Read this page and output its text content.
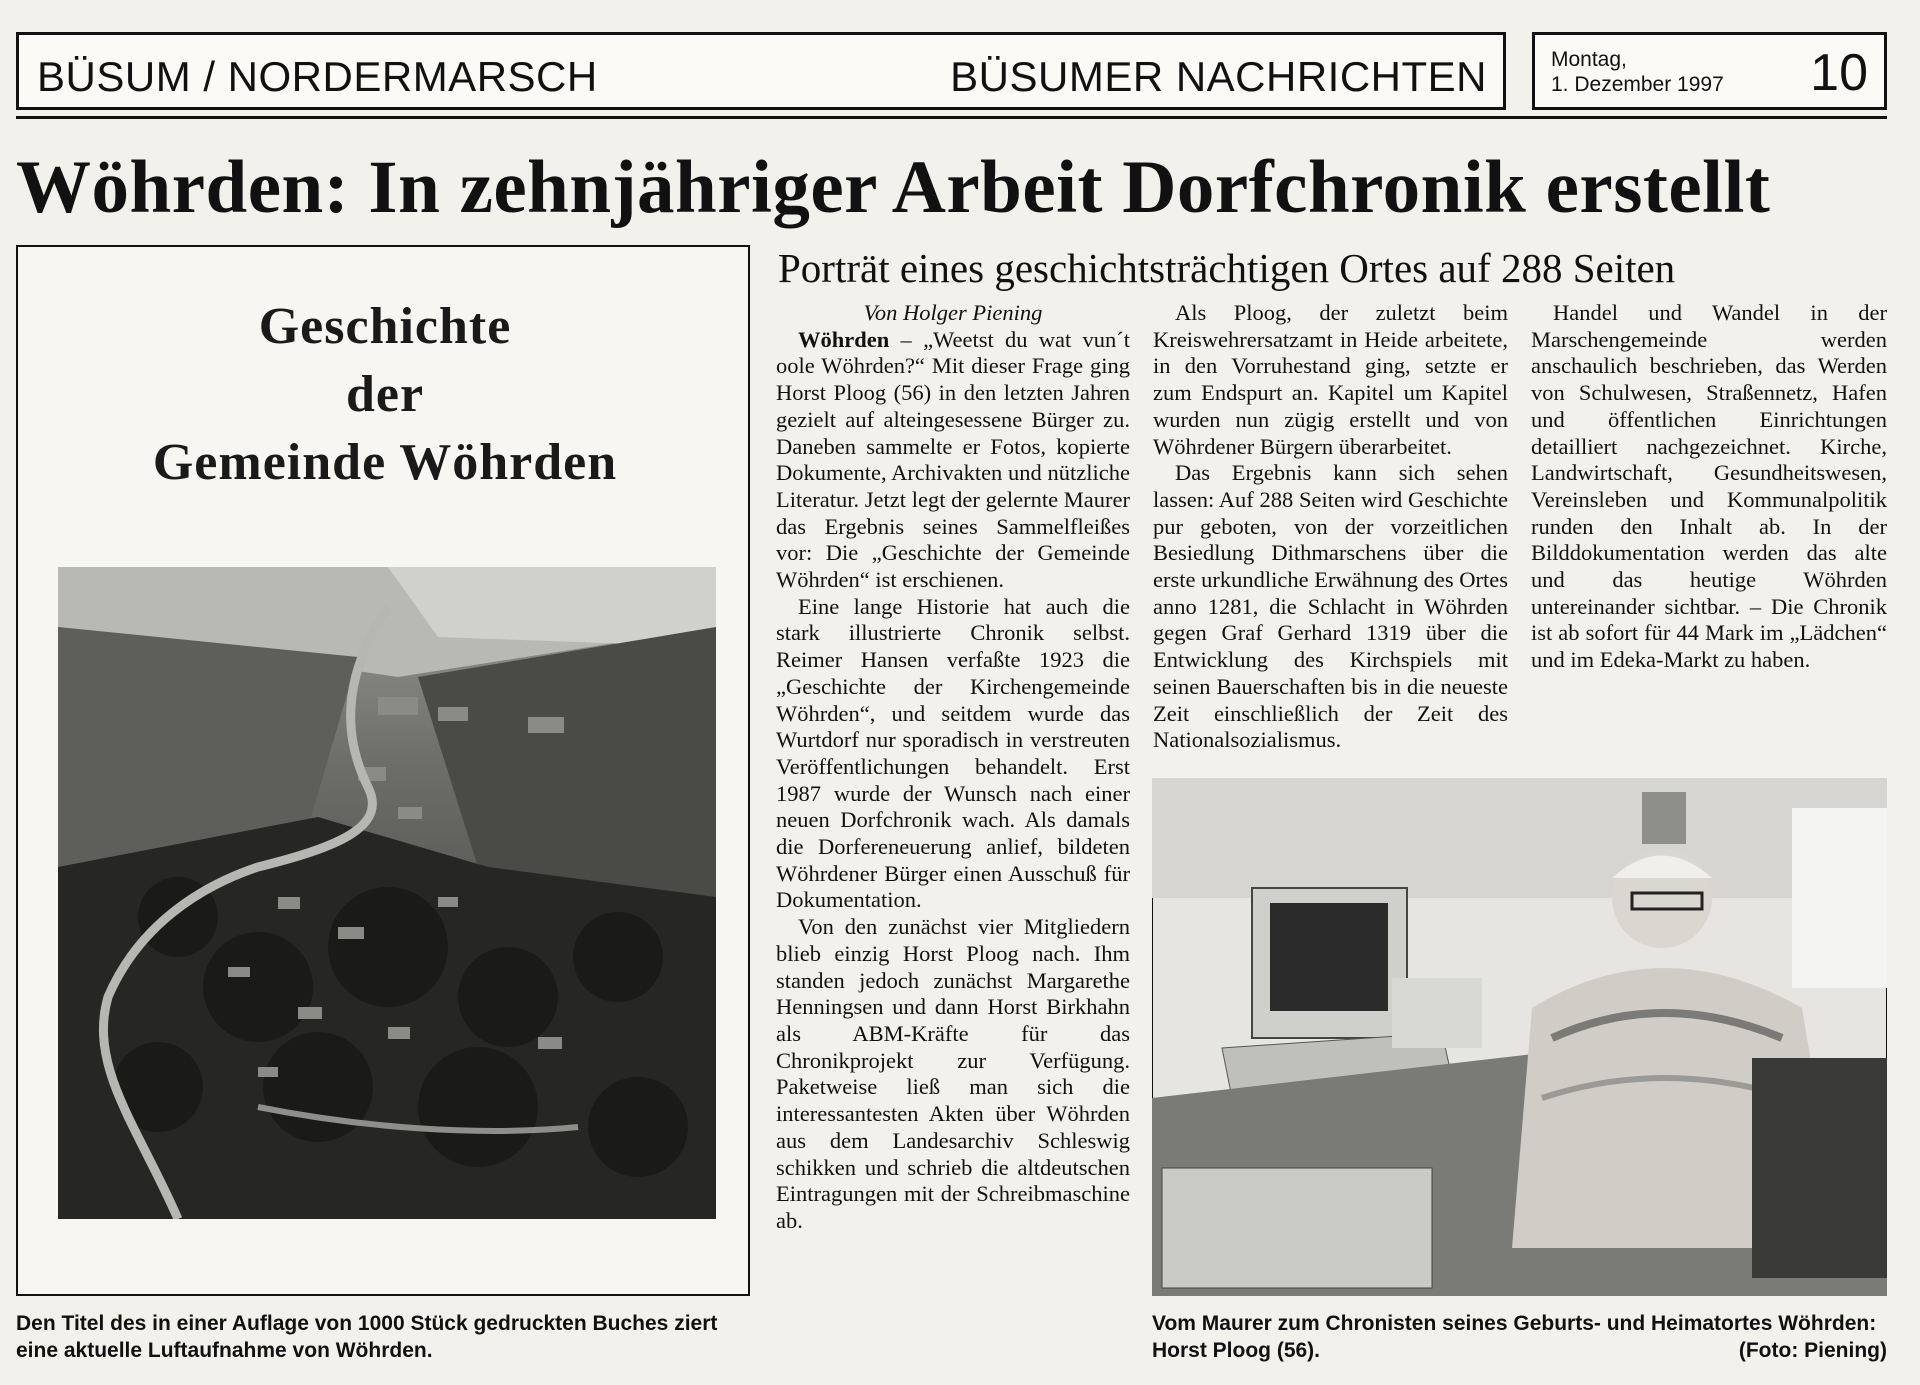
BÜSUM / NORDERMARSCH	BÜSUMER NACHRICHTEN	Montag,
1. Dezember 1997 10
Wöhrden: In zehnjähriger Arbeit Dorfchronik erstellt
Porträt eines geschichtsträchtigen Ortes auf 288 Seiten
Geschichte
der
Gemeinde Wöhrden
Den Titel des in einer Auflage von 1000 Stück gedruckten Buches ziert eine aktuelle Luftaufnahme von Wöhrden.
Vom Maurer zum Chronisten seines Geburts- und Heimatortes Wöhrden: Horst Ploog (56).	(Foto: Piening)

Von Holger Piening

Wöhrden – „Weetst du wat vun´t oole Wöhrden?“ Mit dieser Frage ging Horst Ploog (56) in den letzten Jahren gezielt auf alteingesessene Bürger zu. Daneben sammelte er Fotos, kopierte Dokumente, Archivakten und nützliche Literatur. Jetzt legt der gelernte Maurer das Ergebnis seines Sammelfleißes vor: Die „Geschichte der Gemeinde Wöhrden“ ist erschienen.

Eine lange Historie hat auch die stark illustrierte Chronik selbst. Reimer Hansen verfaßte 1923 die „Geschichte der Kirchengemeinde Wöhrden“, und seitdem wurde das Wurtdorf nur sporadisch in verstreuten Veröffentlichungen behandelt. Erst 1987 wurde der Wunsch nach einer neuen Dorfchronik wach. Als damals die Dorfereneuerung anlief, bildeten Wöhrdener Bürger einen Ausschuß für Dokumentation.

Von den zunächst vier Mitgliedern blieb einzig Horst Ploog nach. Ihm standen jedoch zunächst Margarethe Henningsen und dann Horst Birkhahn als ABM-Kräfte für das Chronikprojekt zur Verfügung. Paketweise ließ man sich die interessantesten Akten über Wöhrden aus dem Landesarchiv Schleswig schikken und schrieb die altdeutschen Eintragungen mit der Schreibmaschine ab.

Als Ploog, der zuletzt beim Kreiswehrersatzamt in Heide arbeitete, in den Vorruhestand ging, setzte er zum Endspurt an. Kapitel um Kapitel wurden nun zügig erstellt und von Wöhrdener Bürgern überarbeitet.

Das Ergebnis kann sich sehen lassen: Auf 288 Seiten wird Geschichte pur geboten, von der vorzeitlichen Besiedlung Dithmarschens über die erste urkundliche Erwähnung des Ortes anno 1281, die Schlacht in Wöhrden gegen Graf Gerhard 1319 über die Entwicklung des Kirchspiels mit seinen Bauerschaften bis in die neueste Zeit einschließlich der Zeit des Nationalsozialismus.

Handel und Wandel in der Marschengemeinde werden anschaulich beschrieben, das Werden von Schulwesen, Straßennetz, Hafen und öffentlichen Einrichtungen detailliert nachgezeichnet. Kirche, Landwirtschaft, Gesundheitswesen, Vereinsleben und Kommunalpolitik runden den Inhalt ab. In der Bilddokumentation werden das alte und das heutige Wöhrden untereinander sichtbar. – Die Chronik ist ab sofort für 44 Mark im „Lädchen“ und im Edeka-Markt zu haben.
